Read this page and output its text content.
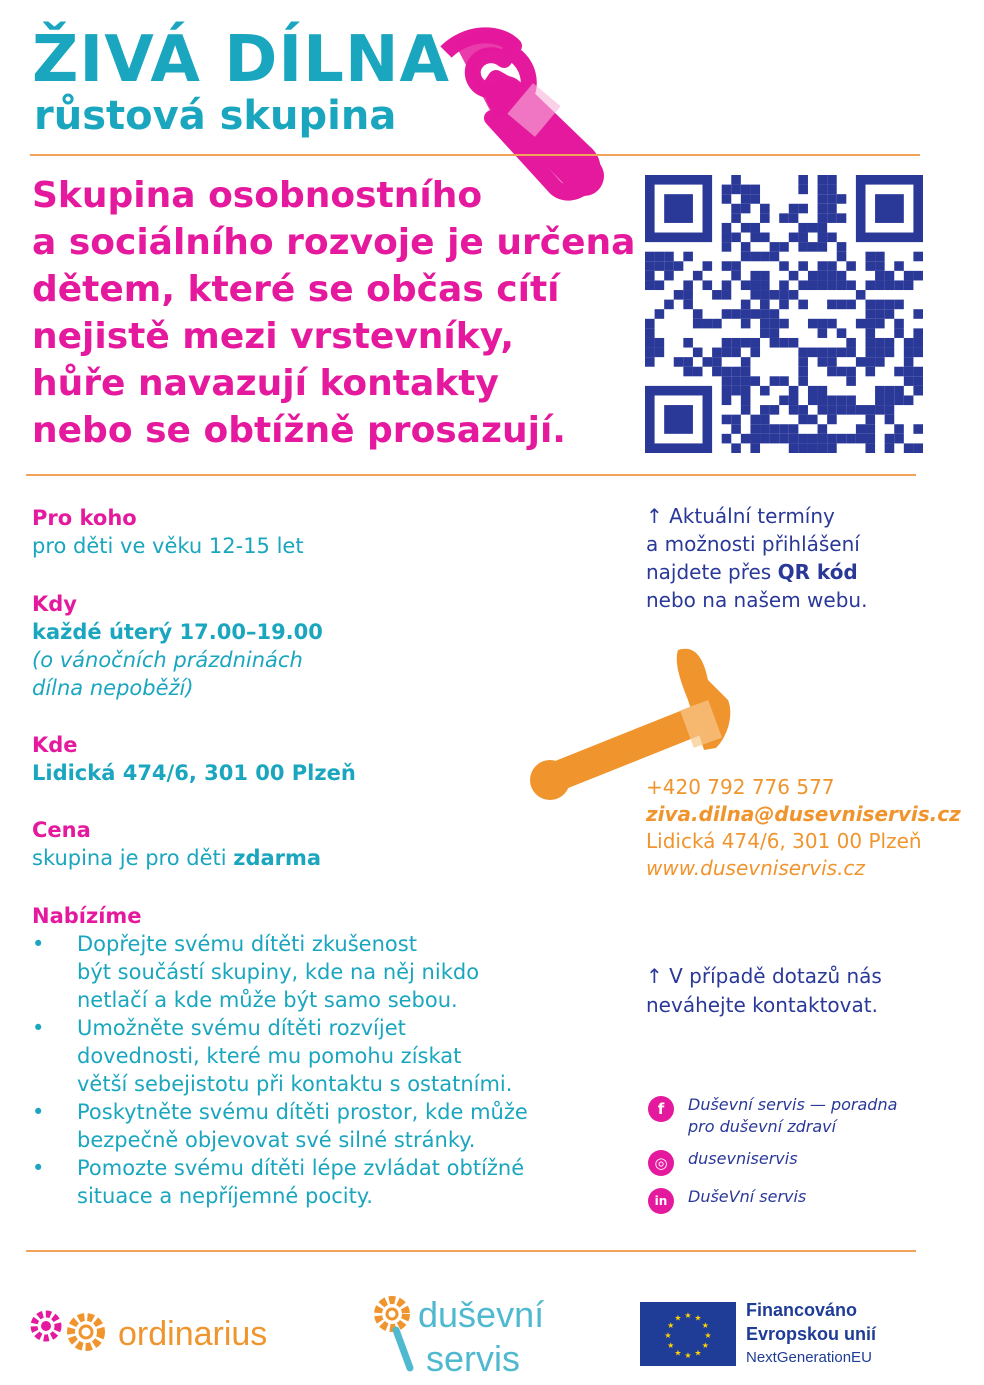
ŽIVÁ DÍLNA
růstová skupina
Skupina osobnostního
a sociálního rozvoje je určena
dětem, které se občas cítí
nejistě mezi vrstevníky,
hůře navazují kontakty
nebo se obtížně prosazují.
Pro koho
pro děti ve věku 12-15 let
Kdy
každé úterý 17.00–19.00
(o vánočních prázdninách
dílna nepoběží)
Kde
Lidická 474/6, 301 00 Plzeň
Cena
skupina je pro děti zdarma
Nabízíme
• Dopřejte svému dítěti zkušenost
být součástí skupiny, kde na něj nikdo
netlačí a kde může být samo sebou.
• Umožněte svému dítěti rozvíjet
dovednosti, které mu pomohu získat
větší sebejistotu při kontaktu s ostatními.
• Poskytněte svému dítěti prostor, kde může
bezpečně objevovat své silné stránky.
• Pomozte svému dítěti lépe zvládat obtížné
situace a nepříjemné pocity.
↑ Aktuální termíny
a možnosti přihlášení
najdete přes QR kód
nebo na našem webu.
+420 792 776 577
ziva.dilna@dusevniservis.cz
Lidická 474/6, 301 00 Plzeň
www.dusevniservis.cz
↑ V případě dotazů nás
neváhejte kontaktovat.
f	Duševní servis — poradna
pro duševní zdraví
◎	dusevniservis
in	DušeVní servis
ordinarius	duševní
servis
★
★
★
★
★
★
★
★
★ ★ ★
★
Financováno
Evropskou unií
NextGenerationEU
